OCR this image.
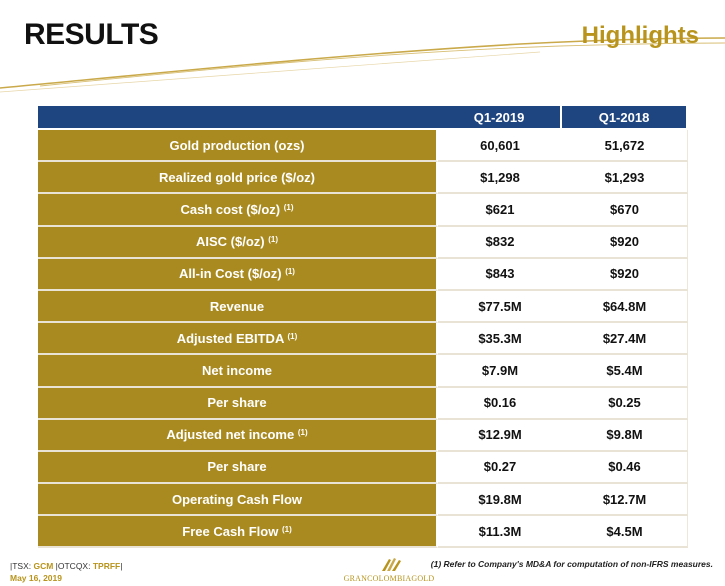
RESULTS	Highlights
	Q1-2019	Q1-2018
Gold production (ozs)	60,601	51,672
Realized gold price ($/oz)	$1,298	$1,293
Cash cost ($/oz) $^{(1)}$	$621	$670
AISC ($/oz) $^{(1)}$	$832	$920
All-in Cost ($/oz) $^{(1)}$	$843	$920
Revenue	$77.5M	$64.8M
Adjusted EBITDA $^{(1)}$	$35.3M	$27.4M
Net income	$7.9M	$5.4M
Per share	$0.16	$0.25
Adjusted net income $^{(1)}$	$12.9M	$9.8M
Per share	$0.27	$0.46
Operating Cash Flow	$19.8M	$12.7M
Free Cash Flow $^{(1)}$	$11.3M	$4.5M
|TSX: GCM |OTCQX: TPRFF|
May 16, 2019	GRANCOLOMBIAGOLD
(1) Refer to Company's MD&A for computation of non-IFRS measures.
